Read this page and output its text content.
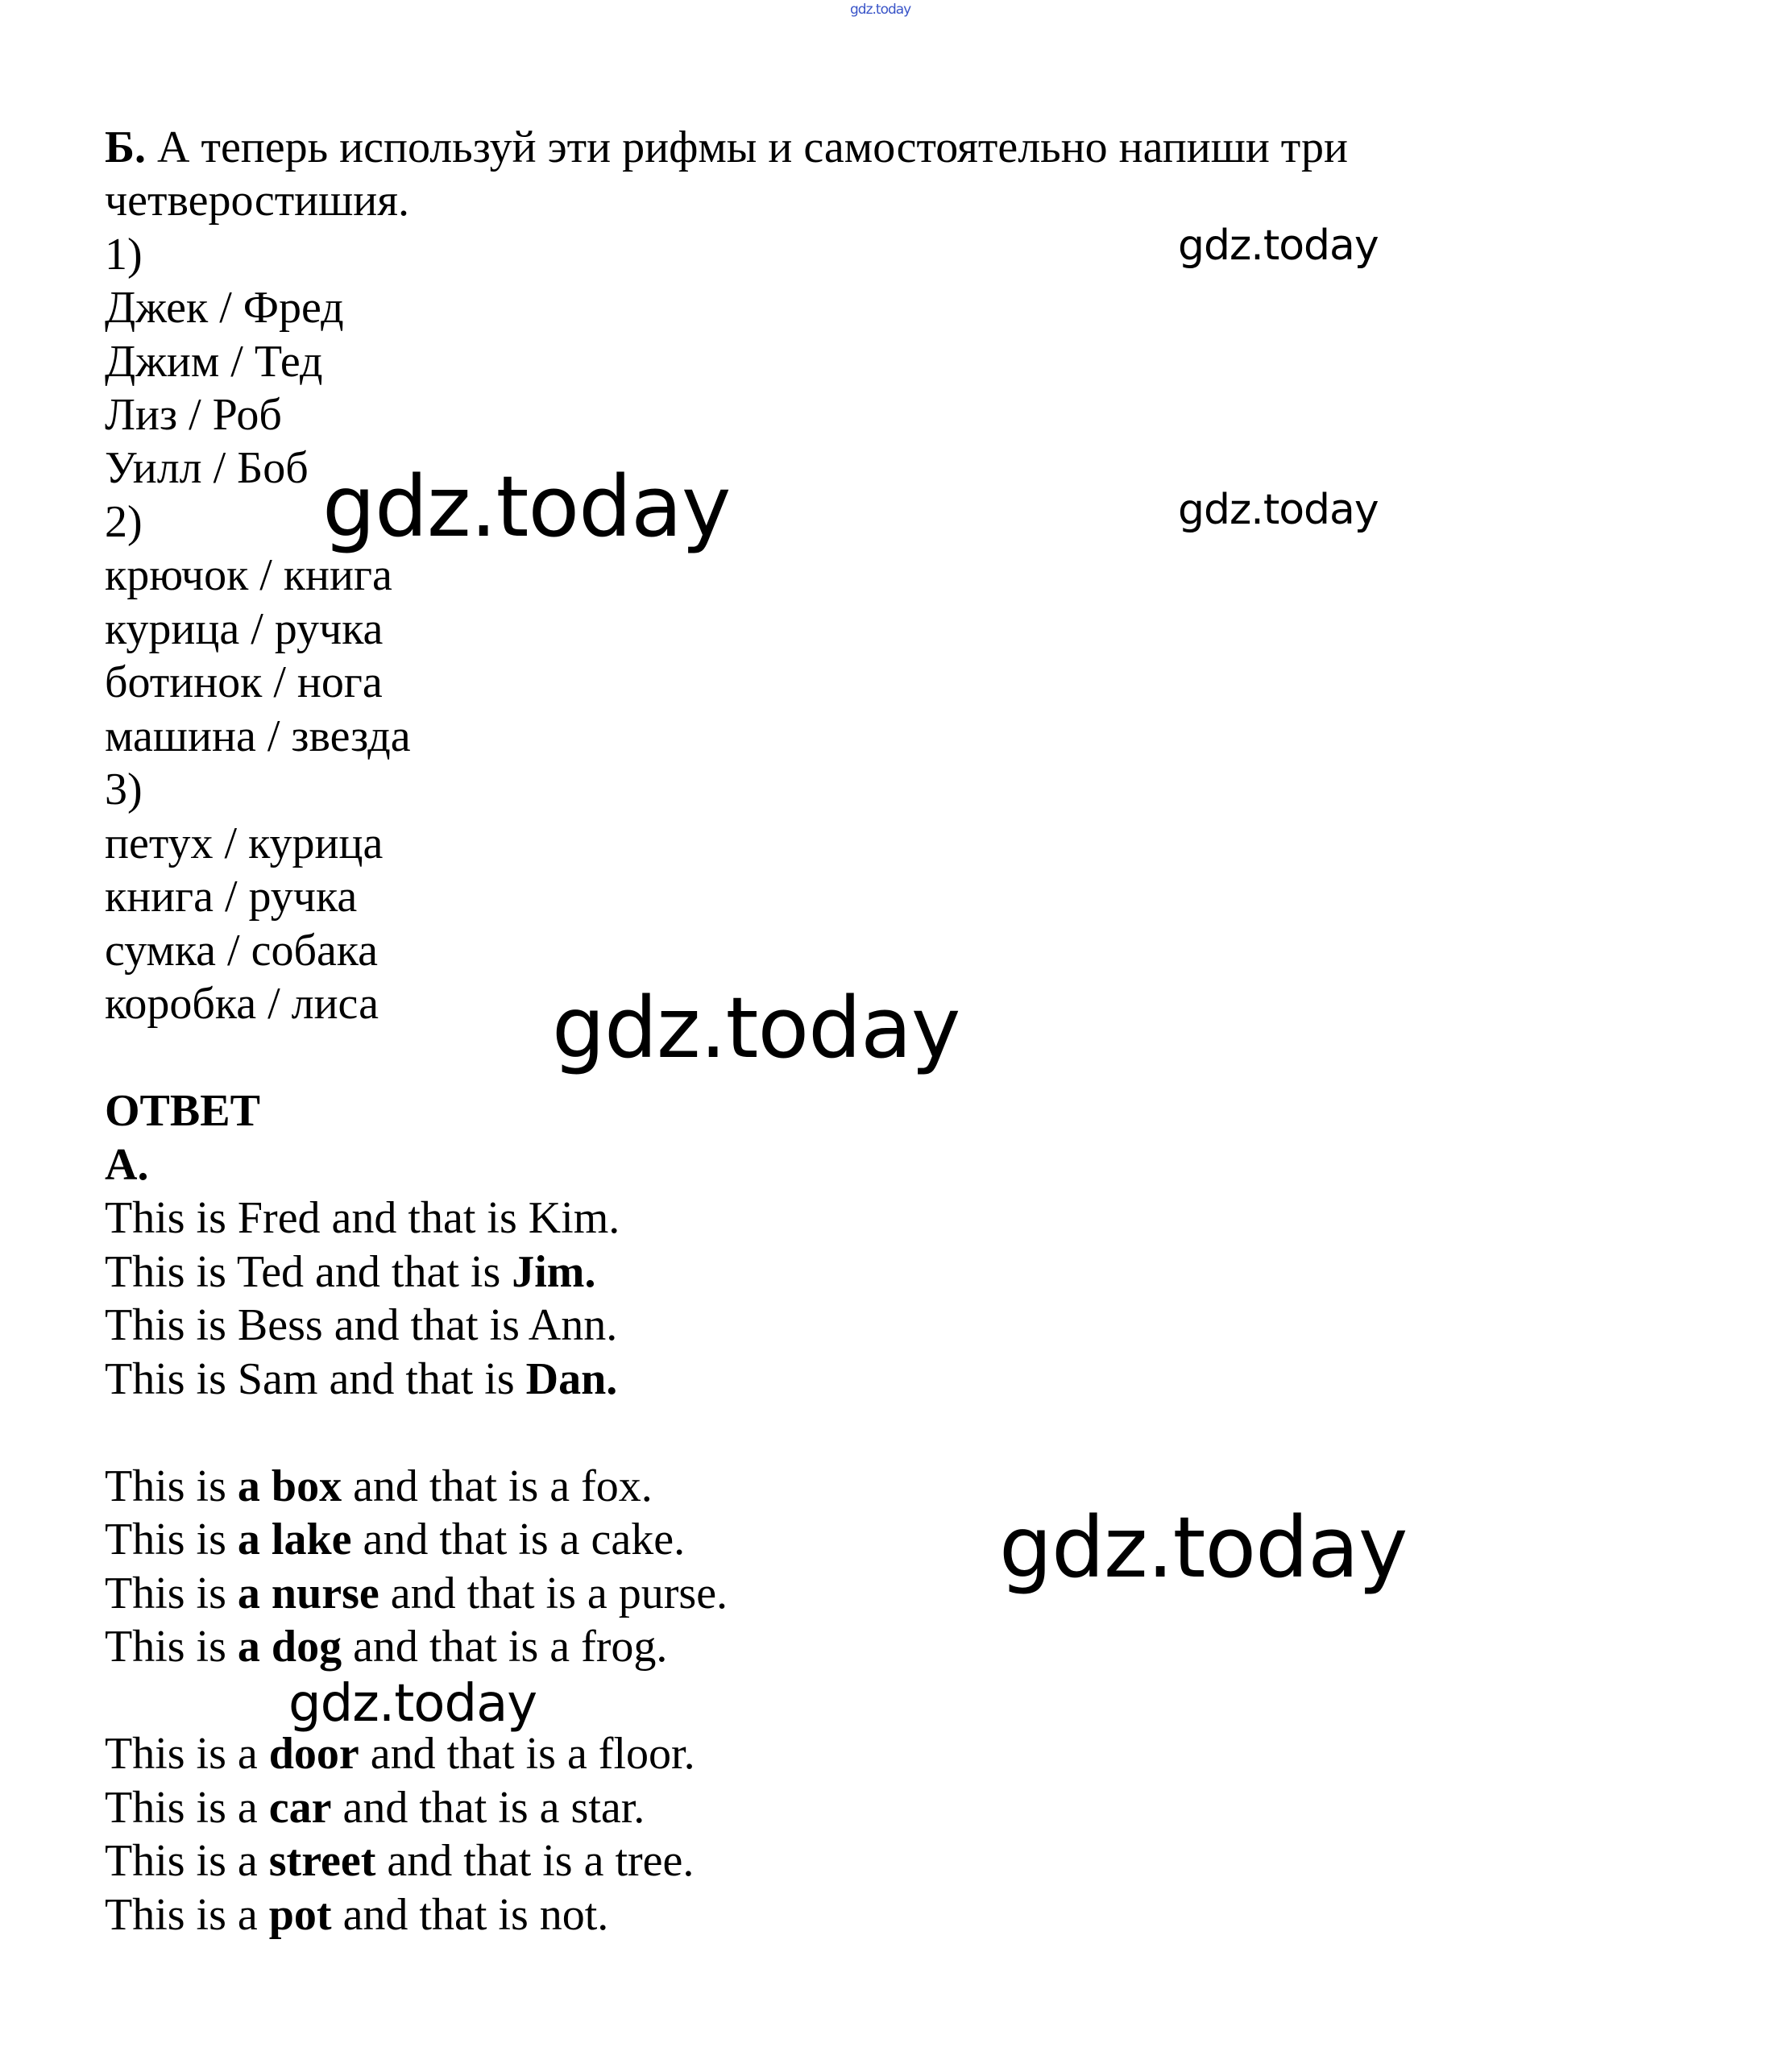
gdz.today
gdz.today
gdz.today
gdz.today
gdz.today
gdz.today
gdz.today
Б. А теперь используй эти рифмы и самостоятельно напиши три
четверостишия.
1)
Джек / Фред
Джим / Тед
Лиз / Роб
Уилл / Боб
2)
крючок / книга
курица / ручка
ботинок / нога
машина / звезда
3)
петух / курица
книга / ручка
сумка / собака
коробка / лиса
ОТВЕТ
А.
This is Fred and that is Kim.
This is Ted and that is Jim.
This is Bess and that is Ann.
This is Sam and that is Dan.
This is a box and that is a fox.
This is a lake and that is a cake.
This is a nurse and that is a purse.
This is a dog and that is a frog.
This is a door and that is a floor.
This is a car and that is a star.
This is a street and that is a tree.
This is a pot and that is not.
